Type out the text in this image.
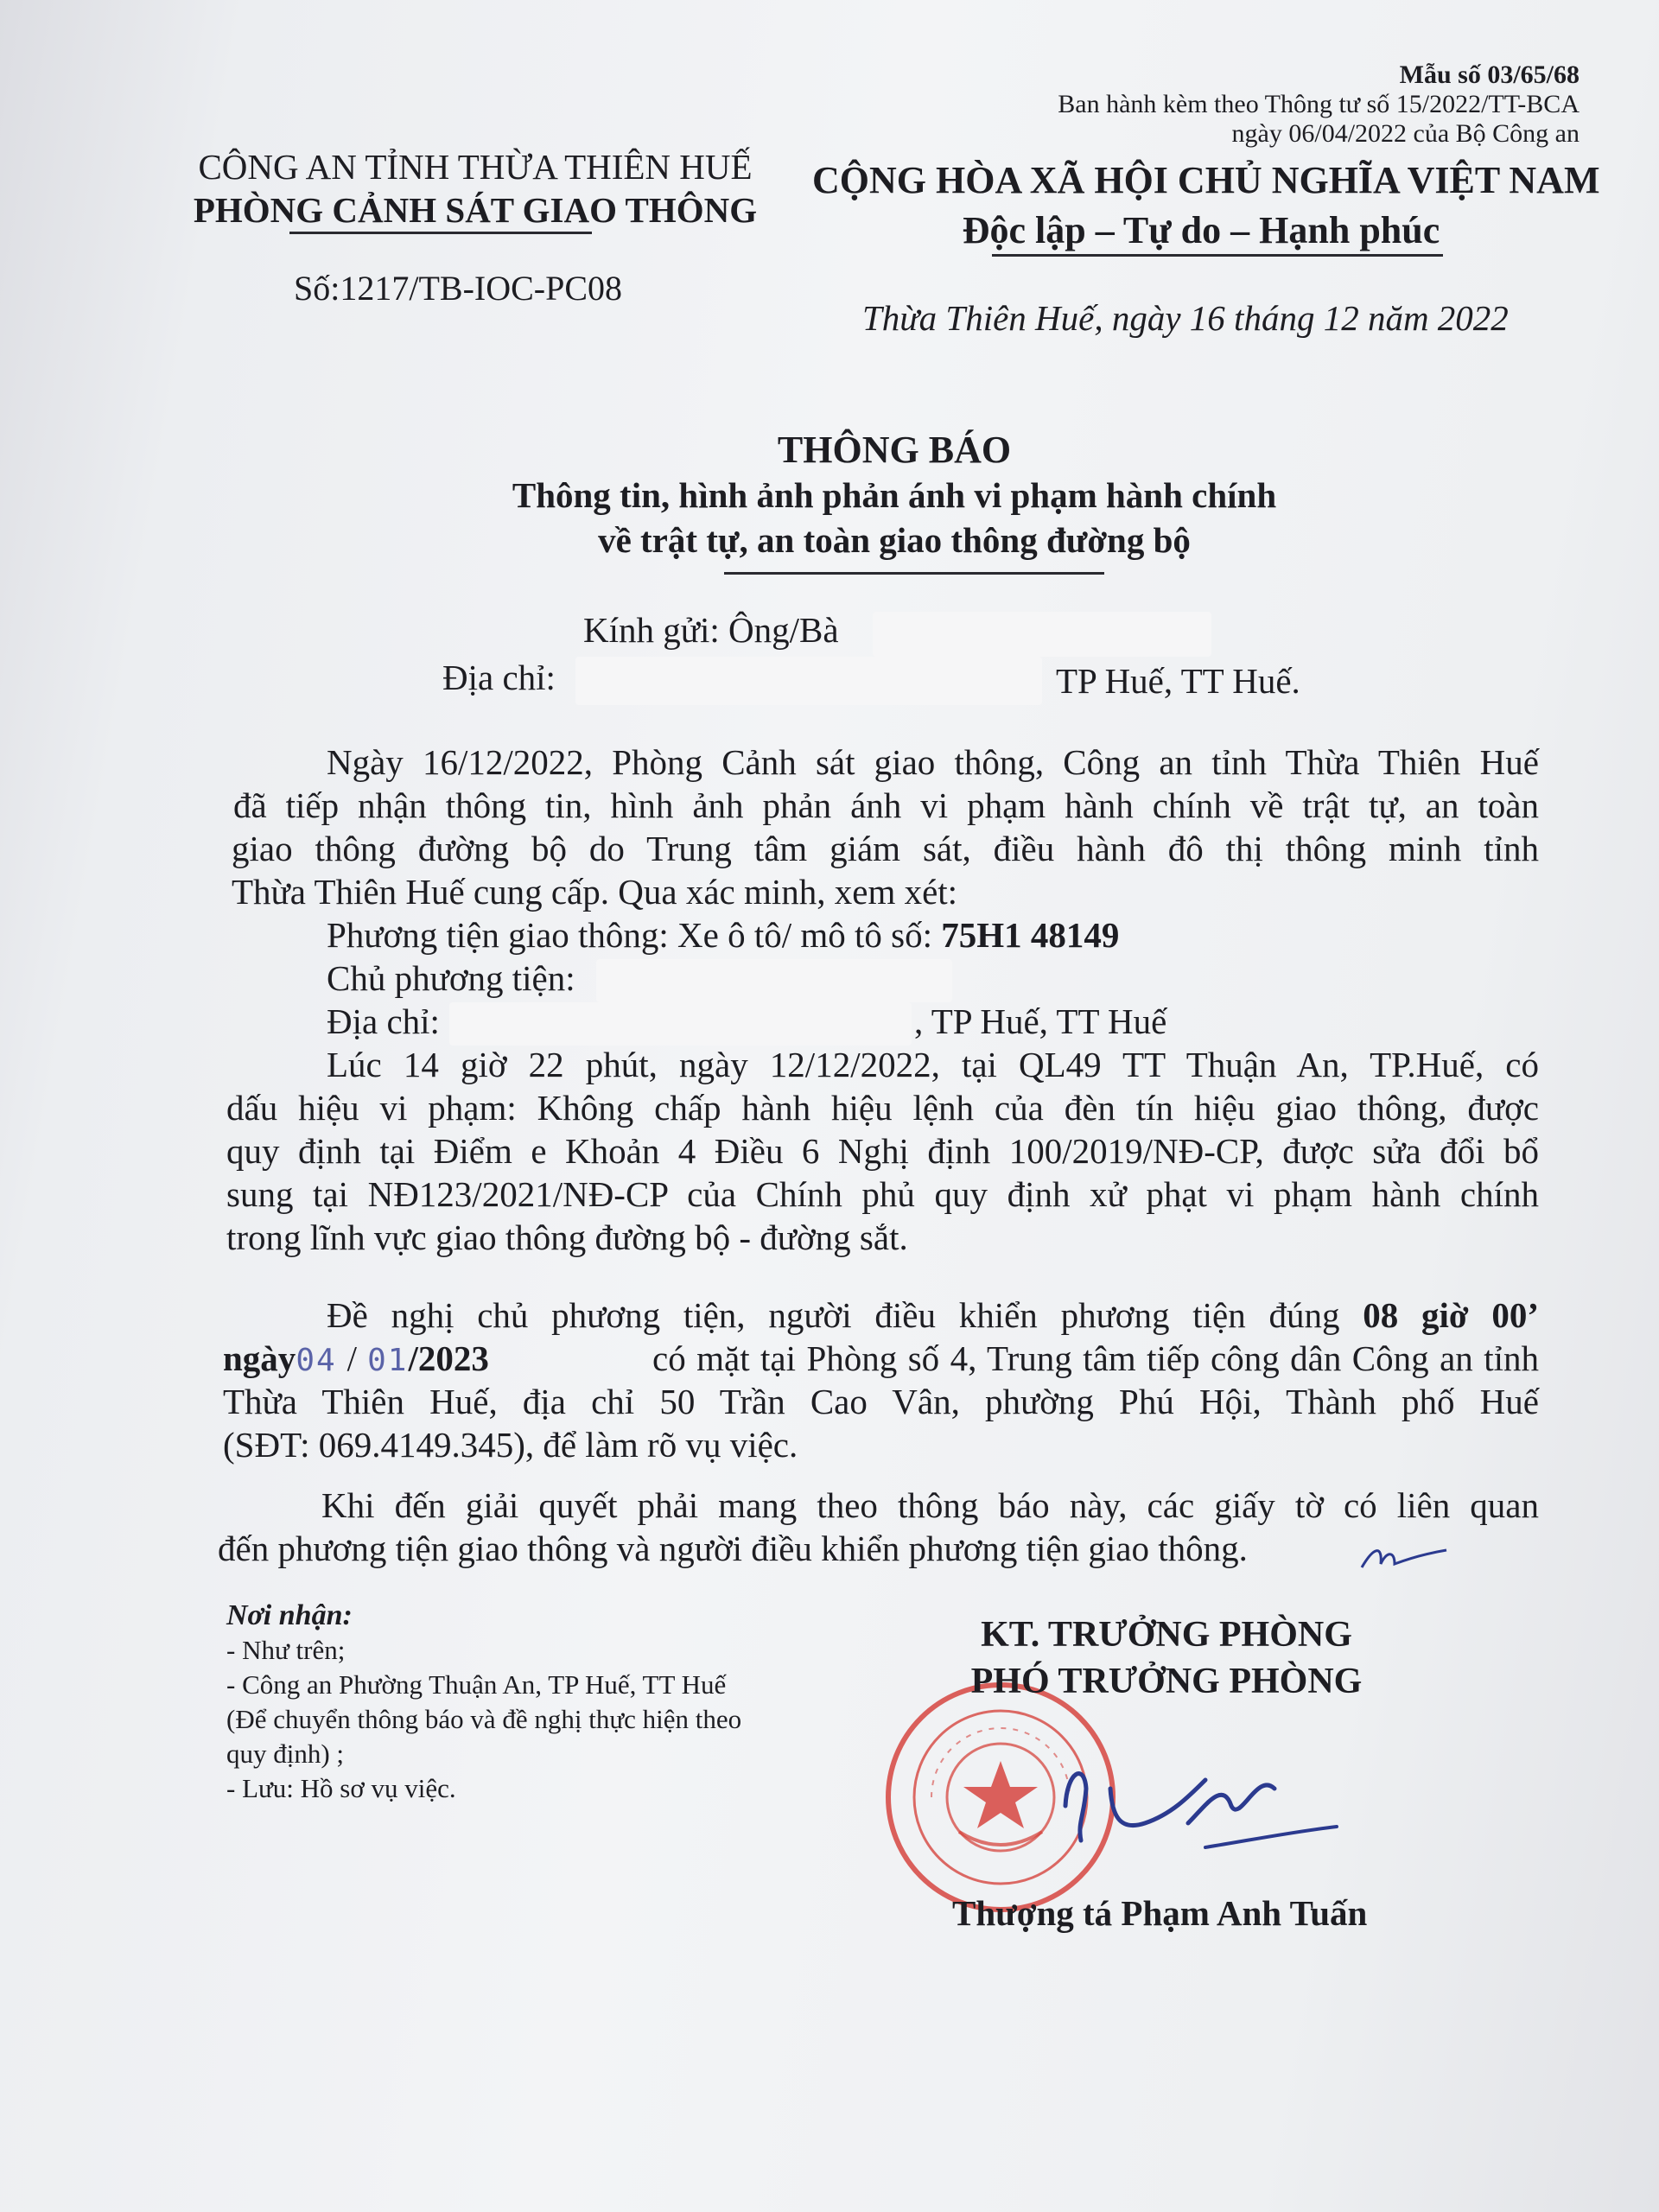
Mẫu số 03/65/68
Ban hành kèm theo Thông tư số 15/2022/TT-BCA
ngày 06/04/2022 của Bộ Công an
CÔNG AN TỈNH THỪA THIÊN HUẾ
PHÒNG CẢNH SÁT GIAO THÔNG
Số:1217/TB-IOC-PC08
CỘNG HÒA XÃ HỘI CHỦ NGHĨA VIỆT NAM
Độc lập – Tự do – Hạnh phúc
Thừa Thiên Huế, ngày 16 tháng 12 năm 2022
THÔNG BÁO
Thông tin, hình ảnh phản ánh vi phạm hành chính
về trật tự, an toàn giao thông đường bộ
Kính gửi: Ông/Bà
Địa chỉ:	TP Huế, TT Huế.
Ngày 16/12/2022, Phòng Cảnh sát giao thông, Công an tỉnh Thừa Thiên Huế
đã tiếp nhận thông tin, hình ảnh phản ánh vi phạm hành chính về trật tự, an toàn
giao thông đường bộ do Trung tâm giám sát, điều hành đô thị thông minh tỉnh
Thừa Thiên Huế cung cấp. Qua xác minh, xem xét:
Phương tiện giao thông: Xe ô tô/ mô tô số: 75H1 48149
Chủ phương tiện:
Địa chỉ:	, TP Huế, TT Huế
Lúc 14 giờ 22 phút, ngày 12/12/2022, tại QL49 TT Thuận An, TP.Huế, có
dấu hiệu vi phạm: Không chấp hành hiệu lệnh của đèn tín hiệu giao thông, được
quy định tại Điểm e Khoản 4 Điều 6 Nghị định 100/2019/NĐ-CP, được sửa đổi bổ
sung tại NĐ123/2021/NĐ-CP của Chính phủ quy định xử phạt vi phạm hành chính
trong lĩnh vực giao thông đường bộ - đường sắt.
Đề nghị chủ phương tiện, người điều khiển phương tiện đúng 08 giờ 00’
ngày04 / 01/2023	có mặt tại Phòng số 4, Trung tâm tiếp công dân Công an tỉnh
Thừa Thiên Huế, địa chỉ 50 Trần Cao Vân, phường Phú Hội, Thành phố Huế
(SĐT: 069.4149.345), để làm rõ vụ việc.
Khi đến giải quyết phải mang theo thông báo này, các giấy tờ có liên quan
đến phương tiện giao thông và người điều khiển phương tiện giao thông.
Nơi nhận:
- Như trên;
- Công an Phường Thuận An, TP Huế, TT Huế
(Để chuyển thông báo và đề nghị thực hiện theo
quy định) ;
- Lưu: Hồ sơ vụ việc.
KT. TRƯỞNG PHÒNG
PHÓ TRƯỞNG PHÒNG
Thượng tá Phạm Anh Tuấn
